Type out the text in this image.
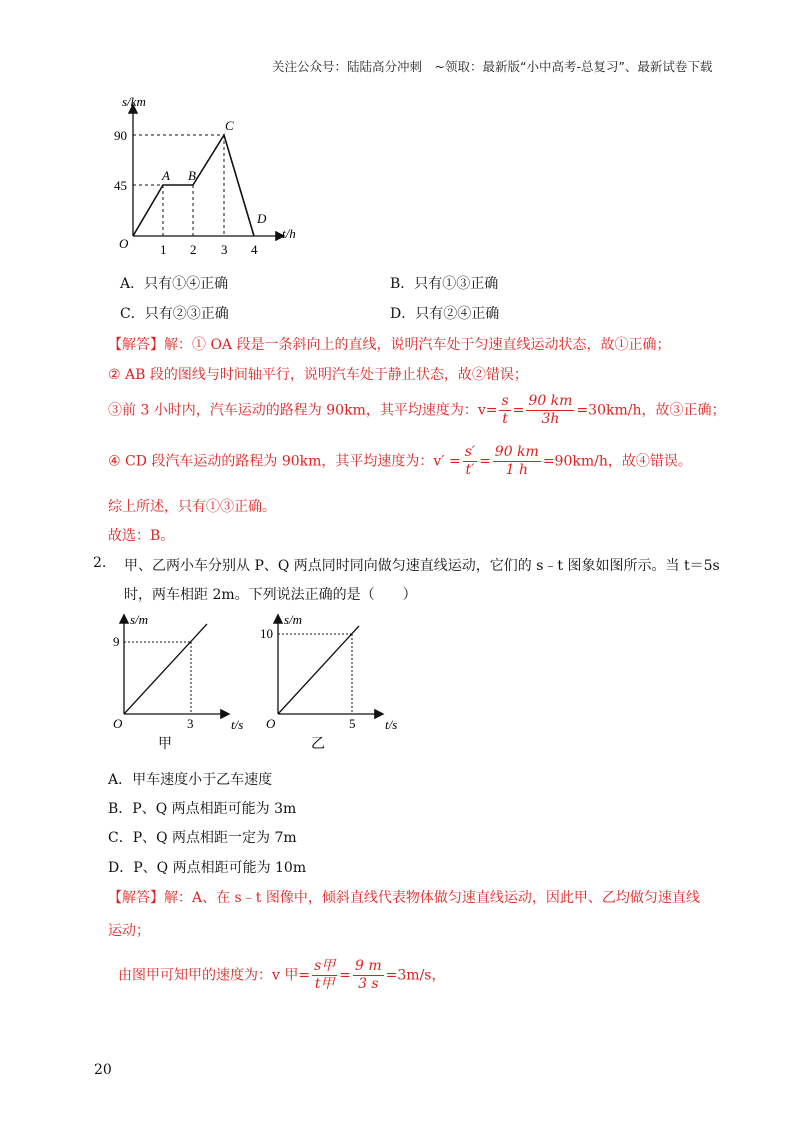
关注公众号：陆陆高分冲刺　~领取：最新版“小中高考-总复习”、最新试卷下载
s/km
t/h
O
90
45
1 2 3 4
A B
C
D
A．只有①④正确	B．只有①③正确
C．只有②③正确	D．只有②④正确
【解答】解：① OA 段是一条斜向上的直线，说明汽车处于匀速直线运动状态，故①正确；
② AB 段的图线与时间轴平行，说明汽车处于静止状态，故②错误；
③前 3 小时内，汽车运动的路程为 90km，其平均速度为：$v= \frac{s}{t} = \frac{90 km}{3h} =30km/h$，故③正确；
④ CD 段汽车运动的路程为 90km，其平均速度为：$v' = \frac{s'}{t'} = \frac{90 km}{1 h} =90km/h$，故④错误。
综上所述，只有①③正确。
故选：B。
2. 甲、乙两小车分别从 P、Q 两点同时同向做匀速直线运动，它们的 s﹣t 图象如图所示。当 t＝5s
时，两车相距 2m。下列说法正确的是（　　）
s/m
t/s
O
9
3
甲
s/m
t/s
O
10
5
乙
A．甲车速度小于乙车速度
B．P、Q 两点相距可能为 3m
C．P、Q 两点相距一定为 7m
D．P、Q 两点相距可能为 10m
【解答】解：A、在 s﹣t 图像中，倾斜直线代表物体做匀速直线运动，因此甲、乙均做匀速直线
运动；
由图甲可知甲的速度为：v 甲= $\frac{\text{s甲}}{\text{t甲}} = \frac{9 m}{3 s} =3m/s$，
20
